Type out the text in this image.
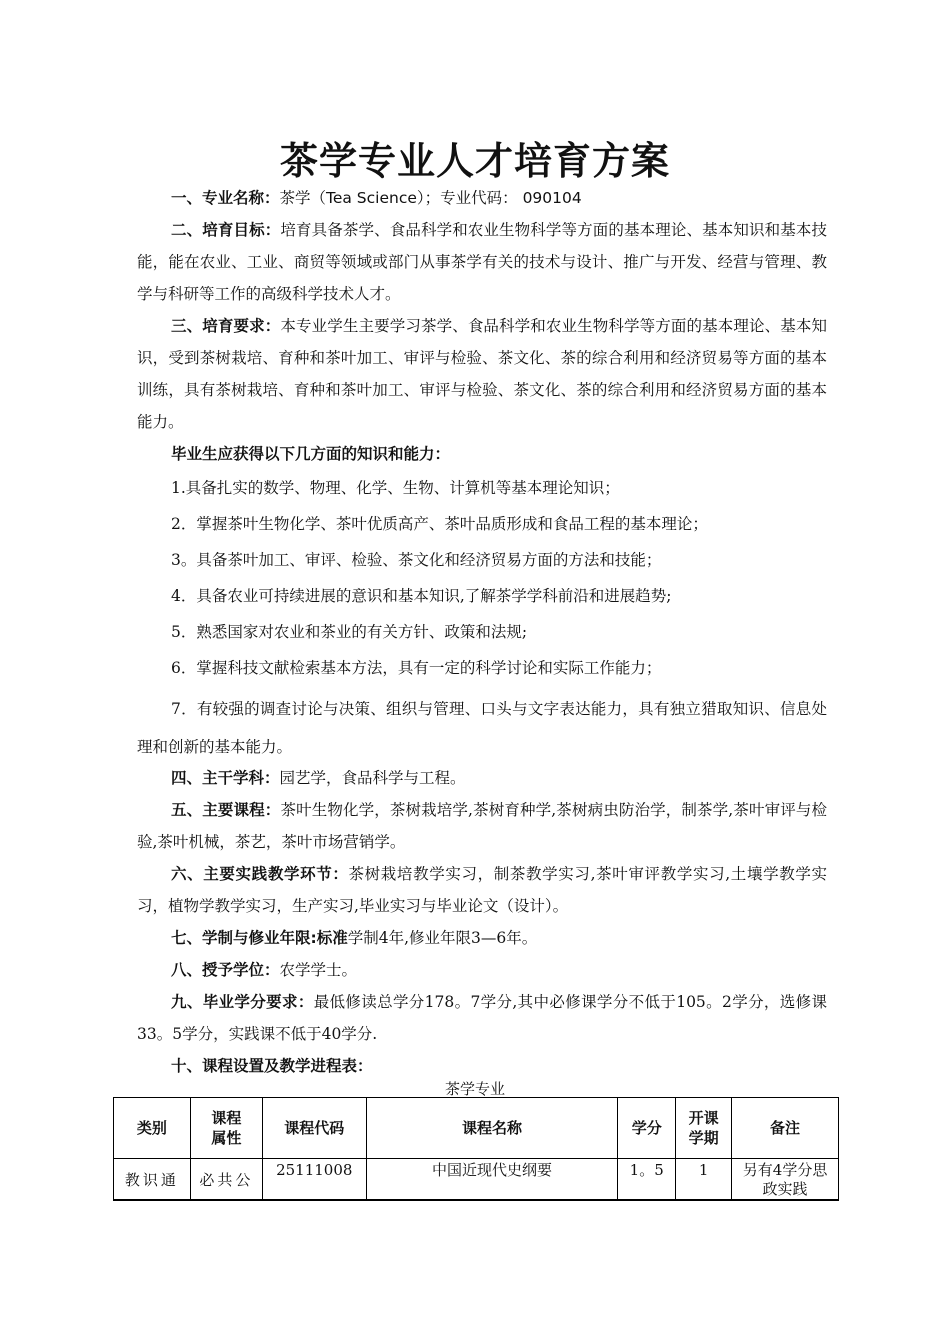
茶学专业人才培育方案
一、专业名称：茶学（Tea Science）；专业代码： 090104
二、培育目标：培育具备茶学、食品科学和农业生物科学等方面的基本理论、基本知识和基本技能，能在农业、工业、商贸等领域或部门从事茶学有关的技术与设计、推广与开发、经营与管理、教学与科研等工作的高级科学技术人才。
三、培育要求：本专业学生主要学习茶学、食品科学和农业生物科学等方面的基本理论、基本知识，受到茶树栽培、育种和茶叶加工、审评与检验、茶文化、茶的综合利用和经济贸易等方面的基本训练，具有茶树栽培、育种和茶叶加工、审评与检验、茶文化、茶的综合利用和经济贸易方面的基本能力。
毕业生应获得以下几方面的知识和能力：
1.具备扎实的数学、物理、化学、生物、计算机等基本理论知识；
2．掌握茶叶生物化学、茶叶优质高产、茶叶品质形成和食品工程的基本理论；
3。具备茶叶加工、审评、检验、茶文化和经济贸易方面的方法和技能；
4．具备农业可持续进展的意识和基本知识,了解茶学学科前沿和进展趋势;
5．熟悉国家对农业和茶业的有关方针、政策和法规;
6．掌握科技文献检索基本方法，具有一定的科学讨论和实际工作能力；
7．有较强的调查讨论与决策、组织与管理、口头与文字表达能力，具有独立猎取知识、信息处理和创新的基本能力。
四、主干学科：园艺学，食品科学与工程。
五、主要课程：茶叶生物化学，茶树栽培学,茶树育种学,茶树病虫防治学，制茶学,茶叶审评与检验,茶叶机械，茶艺，茶叶市场营销学。
六、主要实践教学环节：茶树栽培教学实习，制茶教学实习,茶叶审评教学实习,土壤学教学实习，植物学教学实习，生产实习,毕业实习与毕业论文（设计）。
七、学制与修业年限:标准学制4年,修业年限3—6年。
八、授予学位：农学学士。
九、毕业学分要求：最低修读总学分178。7学分,其中必修课学分不低于105。2学分，选修课33。5学分，实践课不低于40学分.
十、课程设置及教学进程表：
茶学专业
类别	课程属性	课程代码	课程名称	学分	开课学期	备注
教识通	必共公	25111008	中国近现代史纲要	1。5	1	另有4学分思政实践
